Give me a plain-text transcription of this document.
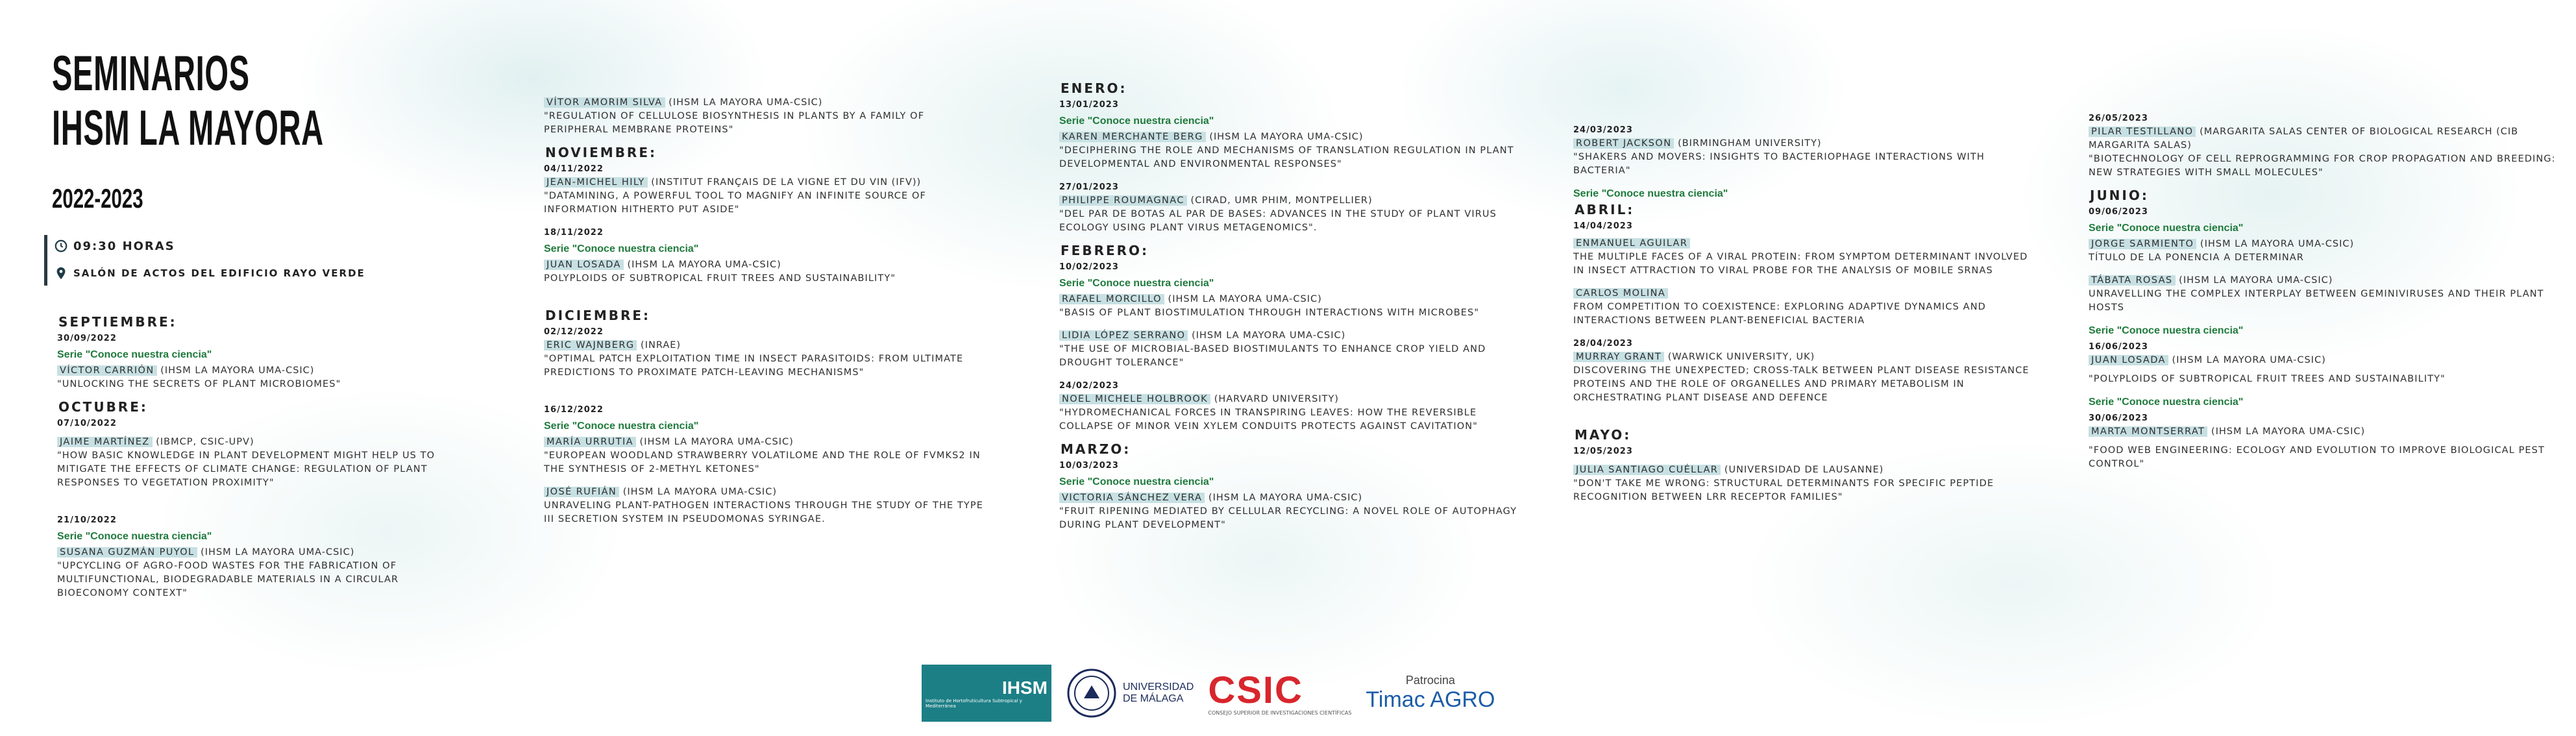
SEMINARIOS
IHSM LA MAYORA
2022-2023
09:30 HORAS
SALÓN DE ACTOS DEL EDIFICIO RAYO VERDE
SEPTIEMBRE:
30/09/2022
Serie "Conoce nuestra ciencia"
VÍCTOR CARRIÓN (IHSM LA MAYORA UMA-CSIC)
"UNLOCKING THE SECRETS OF PLANT MICROBIOMES"
OCTUBRE:
07/10/2022
JAIME MARTÍNEZ (IBMCP, CSIC-UPV)
"HOW BASIC KNOWLEDGE IN PLANT DEVELOPMENT MIGHT HELP US TO MITIGATE THE EFFECTS OF CLIMATE CHANGE: REGULATION OF PLANT RESPONSES TO VEGETATION PROXIMITY"
21/10/2022
Serie "Conoce nuestra ciencia"
SUSANA GUZMÁN PUYOL (IHSM LA MAYORA UMA-CSIC)
"UPCYCLING OF AGRO-FOOD WASTES FOR THE FABRICATION OF MULTIFUNCTIONAL, BIODEGRADABLE MATERIALS IN A CIRCULAR BIOECONOMY CONTEXT"
VÍTOR AMORIM SILVA (IHSM LA MAYORA UMA-CSIC)
"REGULATION OF CELLULOSE BIOSYNTHESIS IN PLANTS BY A FAMILY OF PERIPHERAL MEMBRANE PROTEINS"
NOVIEMBRE:
04/11/2022
JEAN-MICHEL HILY (INSTITUT FRANÇAIS DE LA VIGNE ET DU VIN (IFV))
"DATAMINING, A POWERFUL TOOL TO MAGNIFY AN INFINITE SOURCE OF INFORMATION HITHERTO PUT ASIDE"
18/11/2022
Serie "Conoce nuestra ciencia"
JUAN LOSADA (IHSM LA MAYORA UMA-CSIC)
POLYPLOIDS OF SUBTROPICAL FRUIT TREES AND SUSTAINABILITY"
DICIEMBRE:
02/12/2022
ERIC WAJNBERG (INRAE)
"OPTIMAL PATCH EXPLOITATION TIME IN INSECT PARASITOIDS: FROM ULTIMATE PREDICTIONS TO PROXIMATE PATCH-LEAVING MECHANISMS"
16/12/2022
Serie "Conoce nuestra ciencia"
MARÍA URRUTIA (IHSM LA MAYORA UMA-CSIC)
"EUROPEAN WOODLAND STRAWBERRY VOLATILOME AND THE ROLE OF FVMKS2 IN THE SYNTHESIS OF 2-METHYL KETONES"
JOSÉ RUFIÁN (IHSM LA MAYORA UMA-CSIC)
UNRAVELING PLANT-PATHOGEN INTERACTIONS THROUGH THE STUDY OF THE TYPE III SECRETION SYSTEM IN PSEUDOMONAS SYRINGAE.
ENERO:
13/01/2023
Serie "Conoce nuestra ciencia"
KAREN MERCHANTE BERG (IHSM LA MAYORA UMA-CSIC)
"DECIPHERING THE ROLE AND MECHANISMS OF TRANSLATION REGULATION IN PLANT DEVELOPMENTAL AND ENVIRONMENTAL RESPONSES"
27/01/2023
PHILIPPE ROUMAGNAC (CIRAD, UMR PHIM, MONTPELLIER)
"DEL PAR DE BOTAS AL PAR DE BASES: ADVANCES IN THE STUDY OF PLANT VIRUS ECOLOGY USING PLANT VIRUS METAGENOMICS".
FEBRERO:
10/02/2023
Serie "Conoce nuestra ciencia"
RAFAEL MORCILLO (IHSM LA MAYORA UMA-CSIC)
"BASIS OF PLANT BIOSTIMULATION THROUGH INTERACTIONS WITH MICROBES"
LIDIA LÓPEZ SERRANO (IHSM LA MAYORA UMA-CSIC)
"THE USE OF MICROBIAL-BASED BIOSTIMULANTS TO ENHANCE CROP YIELD AND DROUGHT TOLERANCE"
24/02/2023
NOEL MICHELE HOLBROOK (HARVARD UNIVERSITY)
"HYDROMECHANICAL FORCES IN TRANSPIRING LEAVES: HOW THE REVERSIBLE COLLAPSE OF MINOR VEIN XYLEM CONDUITS PROTECTS AGAINST CAVITATION"
MARZO:
10/03/2023
Serie "Conoce nuestra ciencia"
VICTORIA SÁNCHEZ VERA (IHSM LA MAYORA UMA-CSIC)
"FRUIT RIPENING MEDIATED BY CELLULAR RECYCLING: A NOVEL ROLE OF AUTOPHAGY DURING PLANT DEVELOPMENT"
24/03/2023
ROBERT JACKSON (BIRMINGHAM UNIVERSITY)
"SHAKERS AND MOVERS: INSIGHTS TO BACTERIOPHAGE INTERACTIONS WITH BACTERIA"
Serie "Conoce nuestra ciencia"
ABRIL:
14/04/2023
ENMANUEL AGUILAR
THE MULTIPLE FACES OF A VIRAL PROTEIN: FROM SYMPTOM DETERMINANT INVOLVED IN INSECT ATTRACTION TO VIRAL PROBE FOR THE ANALYSIS OF MOBILE SRNAS
CARLOS MOLINA
FROM COMPETITION TO COEXISTENCE: EXPLORING ADAPTIVE DYNAMICS AND INTERACTIONS BETWEEN PLANT-BENEFICIAL BACTERIA
28/04/2023
MURRAY GRANT (WARWICK UNIVERSITY, UK)
DISCOVERING THE UNEXPECTED; CROSS-TALK BETWEEN PLANT DISEASE RESISTANCE PROTEINS AND THE ROLE OF ORGANELLES AND PRIMARY METABOLISM IN ORCHESTRATING PLANT DISEASE AND DEFENCE
MAYO:
12/05/2023
JULIA SANTIAGO CUÉLLAR (UNIVERSIDAD DE LAUSANNE)
"DON'T TAKE ME WRONG: STRUCTURAL DETERMINANTS FOR SPECIFIC PEPTIDE RECOGNITION BETWEEN LRR RECEPTOR FAMILIES"
26/05/2023
PILAR TESTILLANO (MARGARITA SALAS CENTER OF BIOLOGICAL RESEARCH (CIB MARGARITA SALAS)
"BIOTECHNOLOGY OF CELL REPROGRAMMING FOR CROP PROPAGATION AND BREEDING: NEW STRATEGIES WITH SMALL MOLECULES"
JUNIO:
09/06/2023
Serie "Conoce nuestra ciencia"
JORGE SARMIENTO (IHSM LA MAYORA UMA-CSIC)
TÍTULO DE LA PONENCIA A DETERMINAR
TÁBATA ROSAS (IHSM LA MAYORA UMA-CSIC)
UNRAVELLING THE COMPLEX INTERPLAY BETWEEN GEMINIVIRUSES AND THEIR PLANT HOSTS
Serie "Conoce nuestra ciencia"
16/06/2023
JUAN LOSADA (IHSM LA MAYORA UMA-CSIC)
"POLYPLOIDS OF SUBTROPICAL FRUIT TREES AND SUSTAINABILITY"
Serie "Conoce nuestra ciencia"
30/06/2023
MARTA MONTSERRAT (IHSM LA MAYORA UMA-CSIC)
"FOOD WEB ENGINEERING: ECOLOGY AND EVOLUTION TO IMPROVE BIOLOGICAL PEST CONTROL"
IHSM
Instituto de Hortofruticultura Subtropical y Mediterránea
UNIVERSIDAD
DE MÁLAGA CSIC
CONSEJO SUPERIOR DE INVESTIGACIONES CIENTÍFICAS
Patrocina
Timac AGRO
